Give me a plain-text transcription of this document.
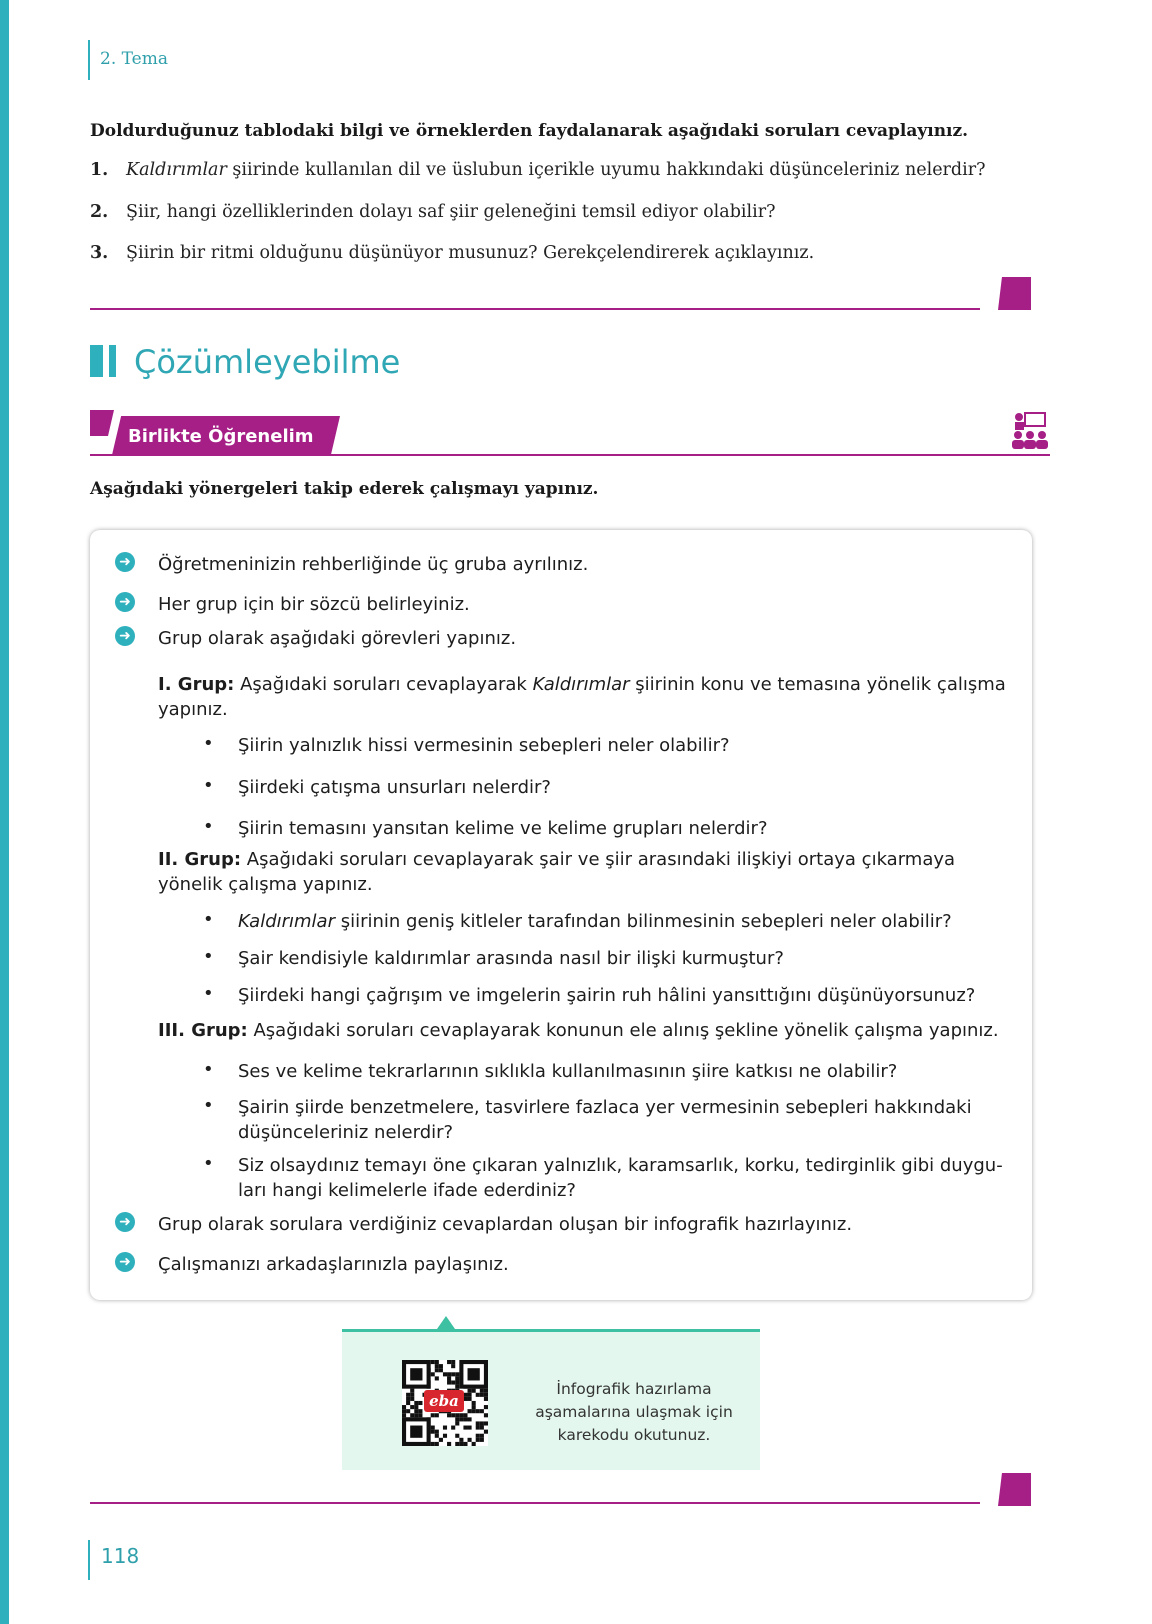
2. Tema
Doldurduğunuz tablodaki bilgi ve örneklerden faydalanarak aşağıdaki soruları cevaplayınız.
1. Kaldırımlar şiirinde kullanılan dil ve üslubun içerikle uyumu hakkındaki düşünceleriniz nelerdir?
2. Şiir, hangi özelliklerinden dolayı saf şiir geleneğini temsil ediyor olabilir?
3. Şiirin bir ritmi olduğunu düşünüyor musunuz? Gerekçelendirerek açıklayınız.
Çözümleyebilme
Birlikte Öğrenelim
Aşağıdaki yönergeleri takip ederek çalışmayı yapınız.
➜ Öğretmeninizin rehberliğinde üç gruba ayrılınız.
➜ Her grup için bir sözcü belirleyiniz.
➜ Grup olarak aşağıdaki görevleri yapınız.
I. Grup: Aşağıdaki soruları cevaplayarak Kaldırımlar şiirinin konu ve temasına yönelik çalışma yapınız.
• Şiirin yalnızlık hissi vermesinin sebepleri neler olabilir?
• Şiirdeki çatışma unsurları nelerdir?
• Şiirin temasını yansıtan kelime ve kelime grupları nelerdir?
II. Grup: Aşağıdaki soruları cevaplayarak şair ve şiir arasındaki ilişkiyi ortaya çıkarmaya yönelik çalışma yapınız.
• Kaldırımlar şiirinin geniş kitleler tarafından bilinmesinin sebepleri neler olabilir?
• Şair kendisiyle kaldırımlar arasında nasıl bir ilişki kurmuştur?
• Şiirdeki hangi çağrışım ve imgelerin şairin ruh hâlini yansıttığını düşünüyorsunuz?
III. Grup: Aşağıdaki soruları cevaplayarak konunun ele alınış şekline yönelik çalışma yapınız.
• Ses ve kelime tekrarlarının sıklıkla kullanılmasının şiire katkısı ne olabilir?
• Şairin şiirde benzetmelere, tasvirlere fazlaca yer vermesinin sebepleri hakkındaki düşünceleriniz nelerdir?
• Siz olsaydınız temayı öne çıkaran yalnızlık, karamsarlık, korku, tedirginlik gibi duyguları hangi kelimelerle ifade ederdiniz?
➜ Grup olarak sorulara verdiğiniz cevaplardan oluşan bir infografik hazırlayınız.
➜ Çalışmanızı arkadaşlarınızla paylaşınız.
eba
İnfografik hazırlama aşamalarına ulaşmak için karekodu okutunuz.
118
